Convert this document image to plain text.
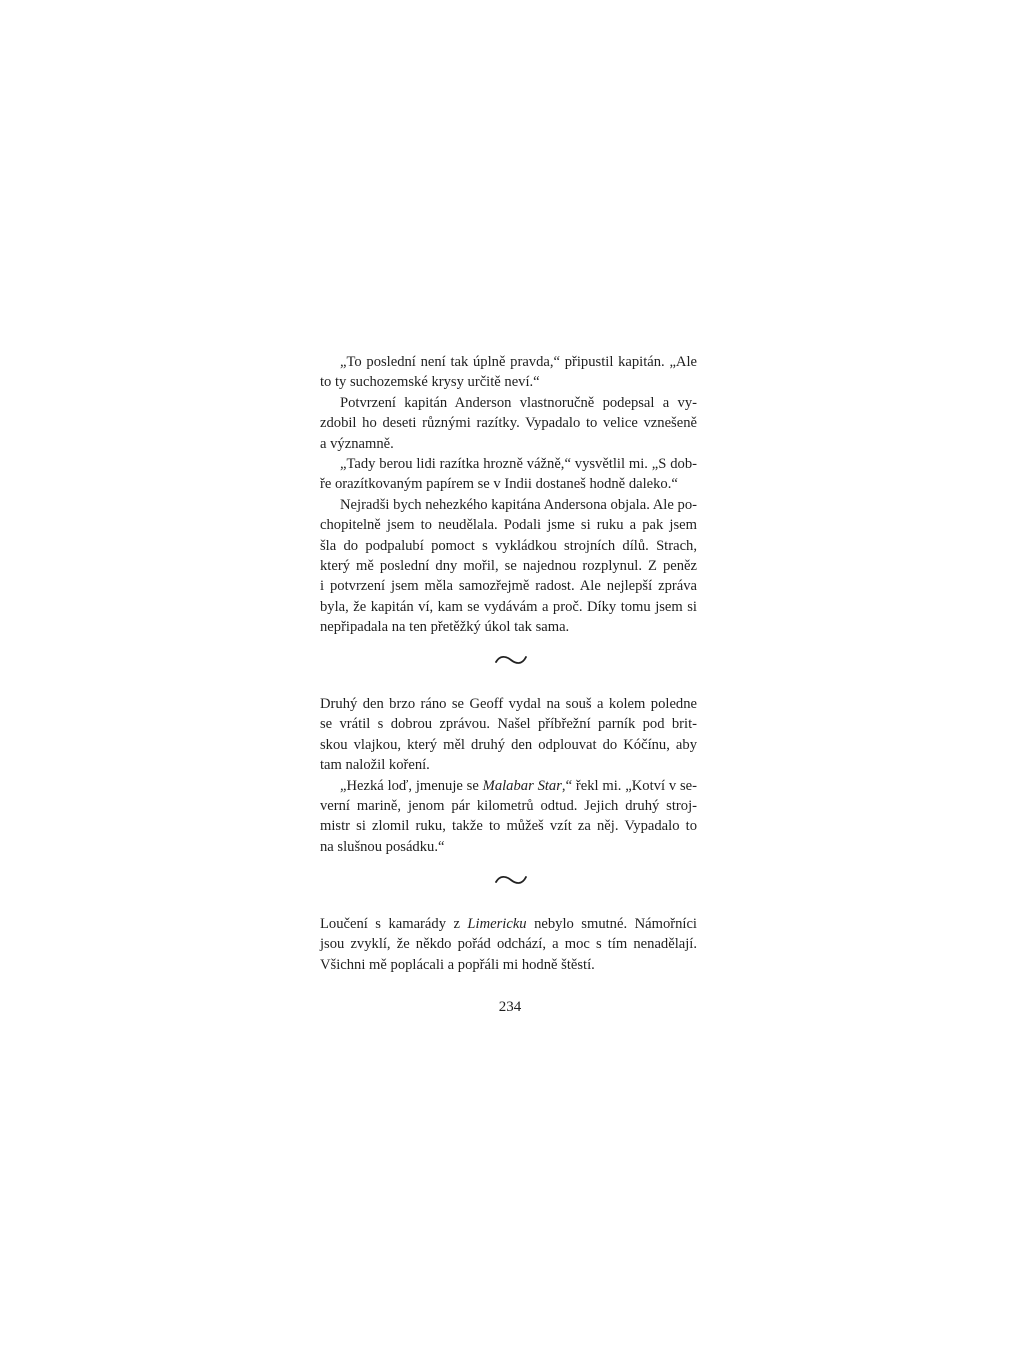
„To poslední není tak úplně pravda,“ připustil kapitán. „Ale
to ty suchozemské krysy určitě neví.“
Potvrzení kapitán Anderson vlastnoručně podepsal a vy-
zdobil ho deseti různými razítky. Vypadalo to velice vznešeně
a významně.
„Tady berou lidi razítka hrozně vážně,“ vysvětlil mi. „S dob-
ře orazítkovaným papírem se v Indii dostaneš hodně daleko.“
Nejradši bych nehezkého kapitána Andersona objala. Ale po-
chopitelně jsem to neudělala. Podali jsme si ruku a pak jsem
šla do podpalubí pomoct s vykládkou strojních dílů. Strach,
který mě poslední dny mořil, se najednou rozplynul. Z peněz
i potvrzení jsem měla samozřejmě radost. Ale nejlepší zpráva
byla, že kapitán ví, kam se vydávám a proč. Díky tomu jsem si
nepřipadala na ten přetěžký úkol tak sama.
Druhý den brzo ráno se Geoff vydal na souš a kolem poledne
se vrátil s dobrou zprávou. Našel příbřežní parník pod brit-
skou vlajkou, který měl druhý den odplouvat do Kóčínu, aby
tam naložil koření.
„Hezká loď, jmenuje se Malabar Star,“ řekl mi. „Kotví v se-
verní marině, jenom pár kilometrů odtud. Jejich druhý stroj-
mistr si zlomil ruku, takže to můžeš vzít za něj. Vypadalo to
na slušnou posádku.“
Loučení s kamarády z Limericku nebylo smutné. Námořníci
jsou zvyklí, že někdo pořád odchází, a moc s tím nenadělají.
Všichni mě poplácali a popřáli mi hodně štěstí.
234
